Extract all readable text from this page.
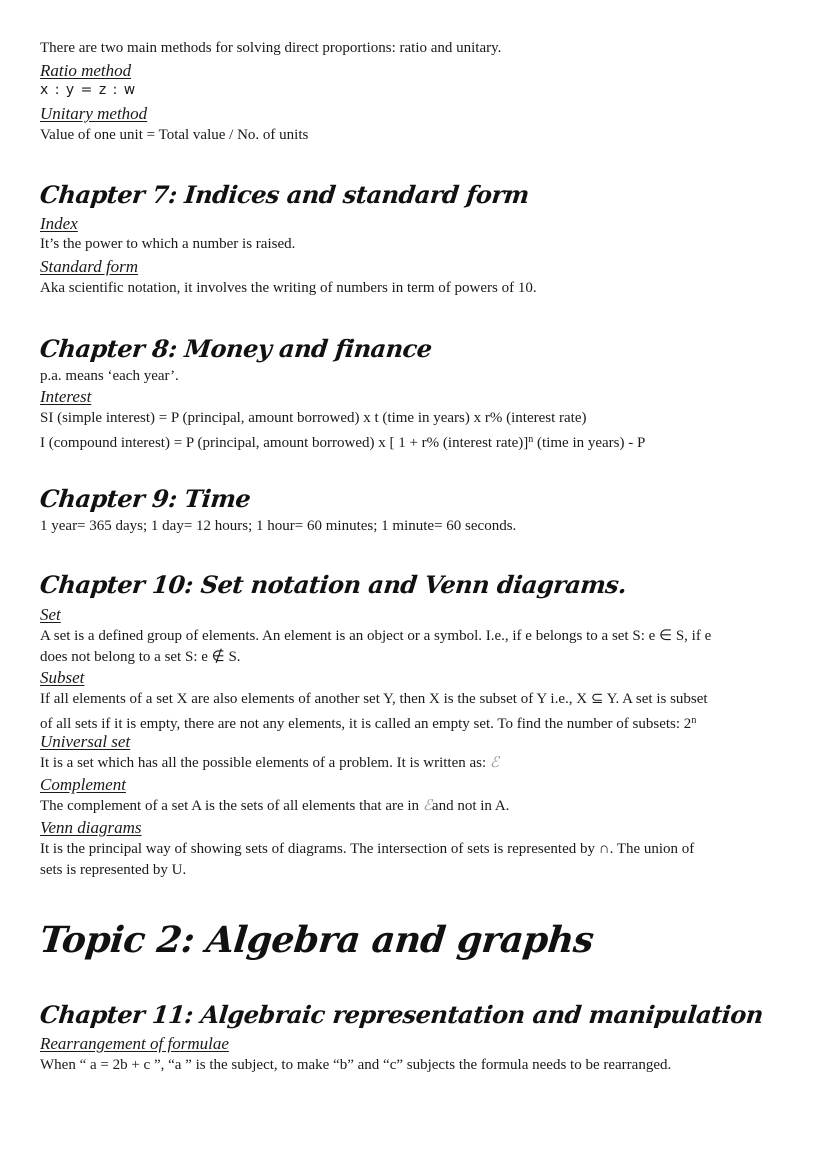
There are two main methods for solving direct proportions: ratio and unitary.
Ratio method
x : y = z : w
Unitary method
Value of one unit = Total value / No. of units
Chapter 7: Indices and standard form
Index
It’s the power to which a number is raised.
Standard form
Aka scientific notation, it involves the writing of numbers in term of powers of 10.
Chapter 8: Money and finance
p.a. means ‘each year’.
Interest
SI (simple interest) = P (principal, amount borrowed) x t (time in years) x r% (interest rate)
I (compound interest) = P (principal, amount borrowed) x [ 1 + r% (interest rate)]$^n$ (time in years) - P
Chapter 9: Time
1 year= 365 days; 1 day= 12 hours; 1 hour= 60 minutes; 1 minute= 60 seconds.
Chapter 10: Set notation and Venn diagrams.
Set
A set is a defined group of elements. An element is an object or a symbol. I.e., if e belongs to a set S: e ∈ S, if e
does not belong to a set S: e ∉ S.
Subset
If all elements of a set X are also elements of another set Y, then X is the subset of Y i.e., X ⊆ Y. A set is subset
of all sets if it is empty, there are not any elements, it is called an empty set. To find the number of subsets: 2$^n$
Universal set
It is a set which has all the possible elements of a problem. It is written as: ℰ
Complement
The complement of a set A is the sets of all elements that are in ℰand not in A.
Venn diagrams
It is the principal way of showing sets of diagrams. The intersection of sets is represented by ∩. The union of
sets is represented by U.
Topic 2: Algebra and graphs
Chapter 11: Algebraic representation and manipulation
Rearrangement of formulae
When “ a = 2b + c ”, “a ” is the subject, to make “b” and “c” subjects the formula needs to be rearranged.
